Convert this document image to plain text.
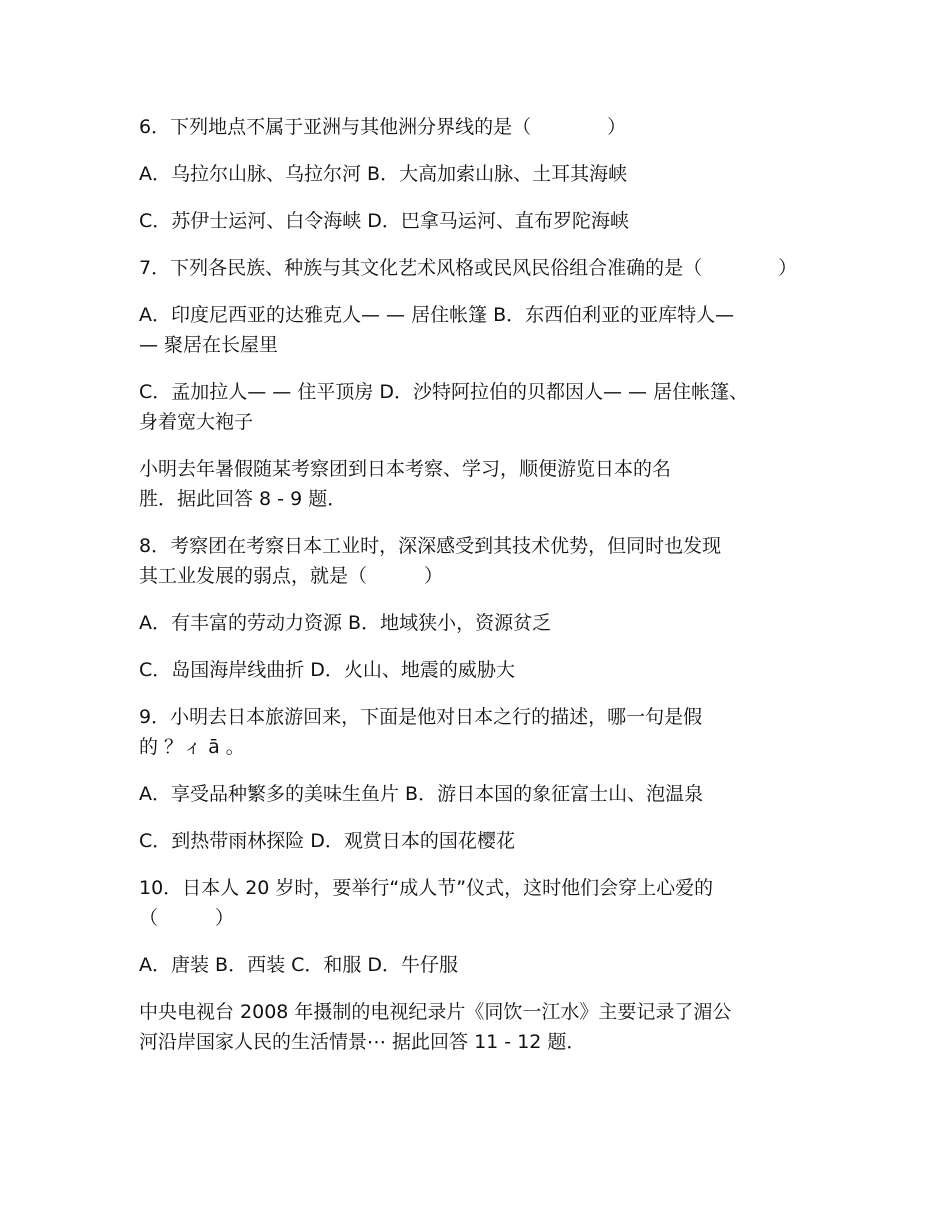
6．下列地点不属于亚洲与其他洲分界线的是（　　　　）
A．乌拉尔山脉、乌拉尔河 B．大高加索山脉、土耳其海峡
C．苏伊士运河、白令海峡 D．巴拿马运河、直布罗陀海峡
7．下列各民族、种族与其文化艺术风格或民风民俗组合准确的是（　　　　）
A．印度尼西亚的达雅克人— — 居住帐篷 B．东西伯利亚的亚库特人—
— 聚居在长屋里
C．孟加拉人— — 住平顶房 D．沙特阿拉伯的贝都因人— — 居住帐篷、
身着宽大袍子
小明去年暑假随某考察团到日本考察、学习，顺便游览日本的名
胜．据此回答 8 - 9 题．
8．考察团在考察日本工业时，深深感受到其技术优势，但同时也发现
其工业发展的弱点，就是（　　　）
A．有丰富的劳动力资源 B．地域狭小，资源贫乏
C．岛国海岸线曲折 D．火山、地震的威胁大
9．小明去日本旅游回来，下面是他对日本之行的描述，哪一句是假
的 ？ィ ā 。
A．享受品种繁多的美味生鱼片 B．游日本国的象征富士山、泡温泉
C．到热带雨林探险 D．观赏日本的国花樱花
10．日本人 20 岁时，要举行“成人节”仪式，这时他们会穿上心爱的
（　　　）
A．唐装 B．西装 C．和服 D．牛仔服
中央电视台 2008 年摄制的电视纪录片《同饮一江水》主要记录了湄公
河沿岸国家人民的生活情景⋯ 据此回答 11 - 12 题．
